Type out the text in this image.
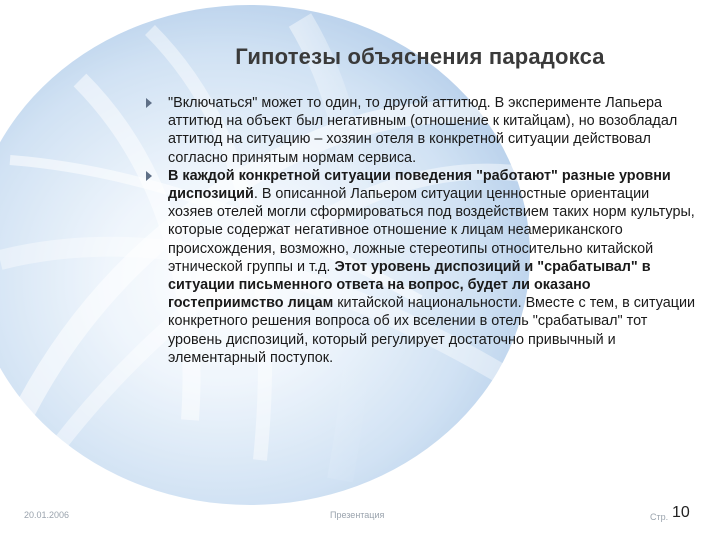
Гипотезы объяснения парадокса

"Включаться" может то один, то другой аттитюд. В эксперименте Лапьера аттитюд на объект был негативным (отношение к китайцам), но возобладал аттитюд на ситуацию – хозяин отеля в конкретной ситуации действовал согласно принятым нормам сервиса.

В каждой конкретной ситуации поведения "работают" разные уровни диспозиций. В описанной Лапьером ситуации ценностные ориентации хозяев отелей могли сформироваться под воздействием таких норм культуры, которые содержат негативное отношение к лицам неамериканского происхождения, возможно, ложные стереотипы относительно китайской этнической группы и т.д. Этот уровень диспозиций и "срабатывал" в ситуации письменного ответа на вопрос, будет ли оказано гостеприимство лицам китайской национальности. Вместе с тем, в ситуации конкретного решения вопроса об их вселении в отель "срабатывал" тот уровень диспозиций, который регулирует достаточно привычный и элементарный поступок.

20.01.2006	Презентация	Стр. 10
